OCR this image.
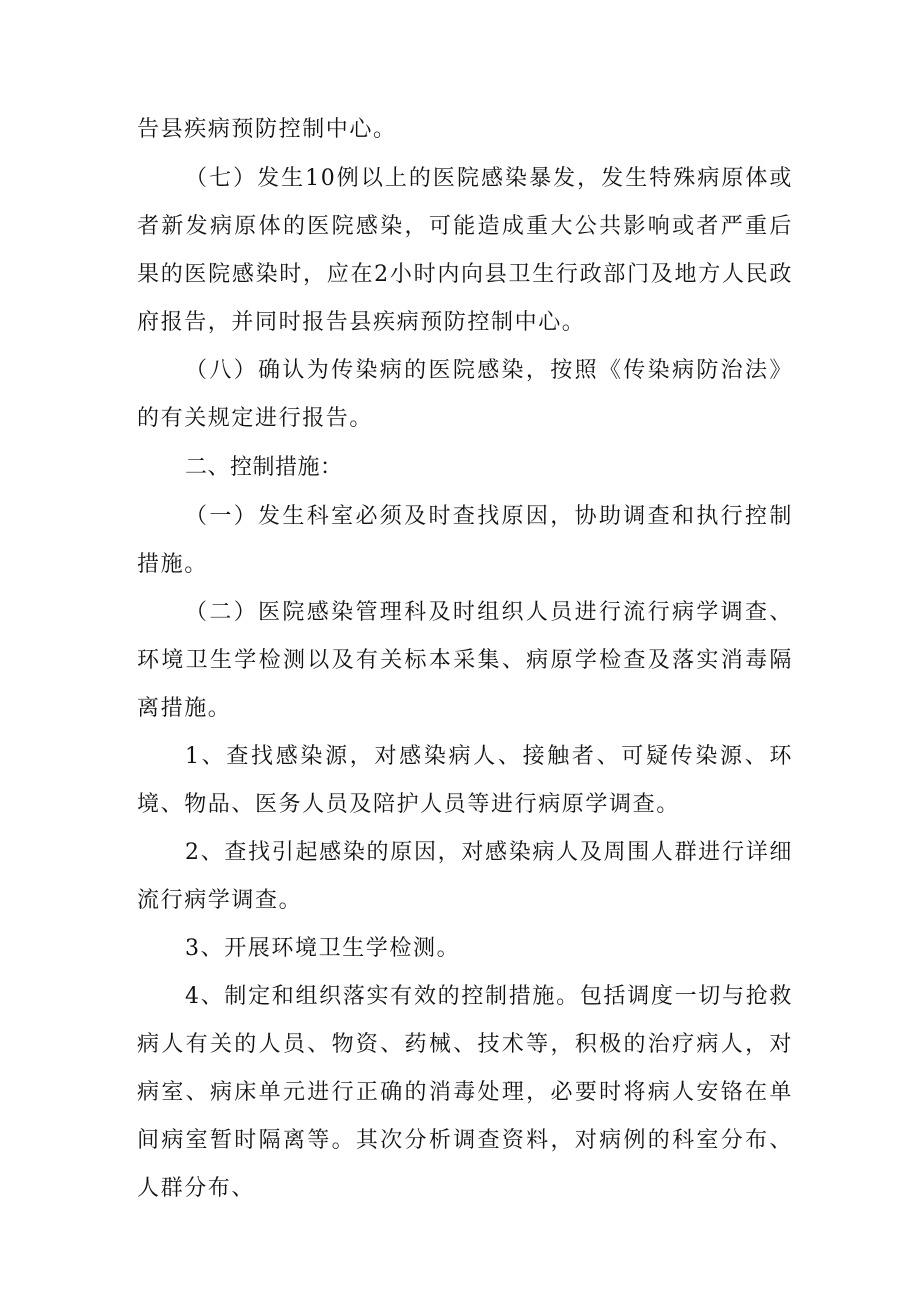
告县疾病预防控制中心。

（七）发生10例以上的医院感染暴发，发生特殊病原体或者新发病原体的医院感染，可能造成重大公共影响或者严重后果的医院感染时，应在2小时内向县卫生行政部门及地方人民政府报告，并同时报告县疾病预防控制中心。

（八）确认为传染病的医院感染，按照《传染病防治法》的有关规定进行报告。

二、控制措施：

（一）发生科室必须及时查找原因，协助调查和执行控制措施。

（二）医院感染管理科及时组织人员进行流行病学调查、环境卫生学检测以及有关标本采集、病原学检查及落实消毒隔离措施。

1、查找感染源，对感染病人、接触者、可疑传染源、环境、物品、医务人员及陪护人员等进行病原学调查。

2、查找引起感染的原因，对感染病人及周围人群进行详细流行病学调查。

3、开展环境卫生学检测。

4、制定和组织落实有效的控制措施。包括调度一切与抢救病人有关的人员、物资、药械、技术等，积极的治疗病人，对病室、病床单元进行正确的消毒处理，必要时将病人安铬在单间病室暂时隔离等。其次分析调查资料，对病例的科室分布、人群分布、
